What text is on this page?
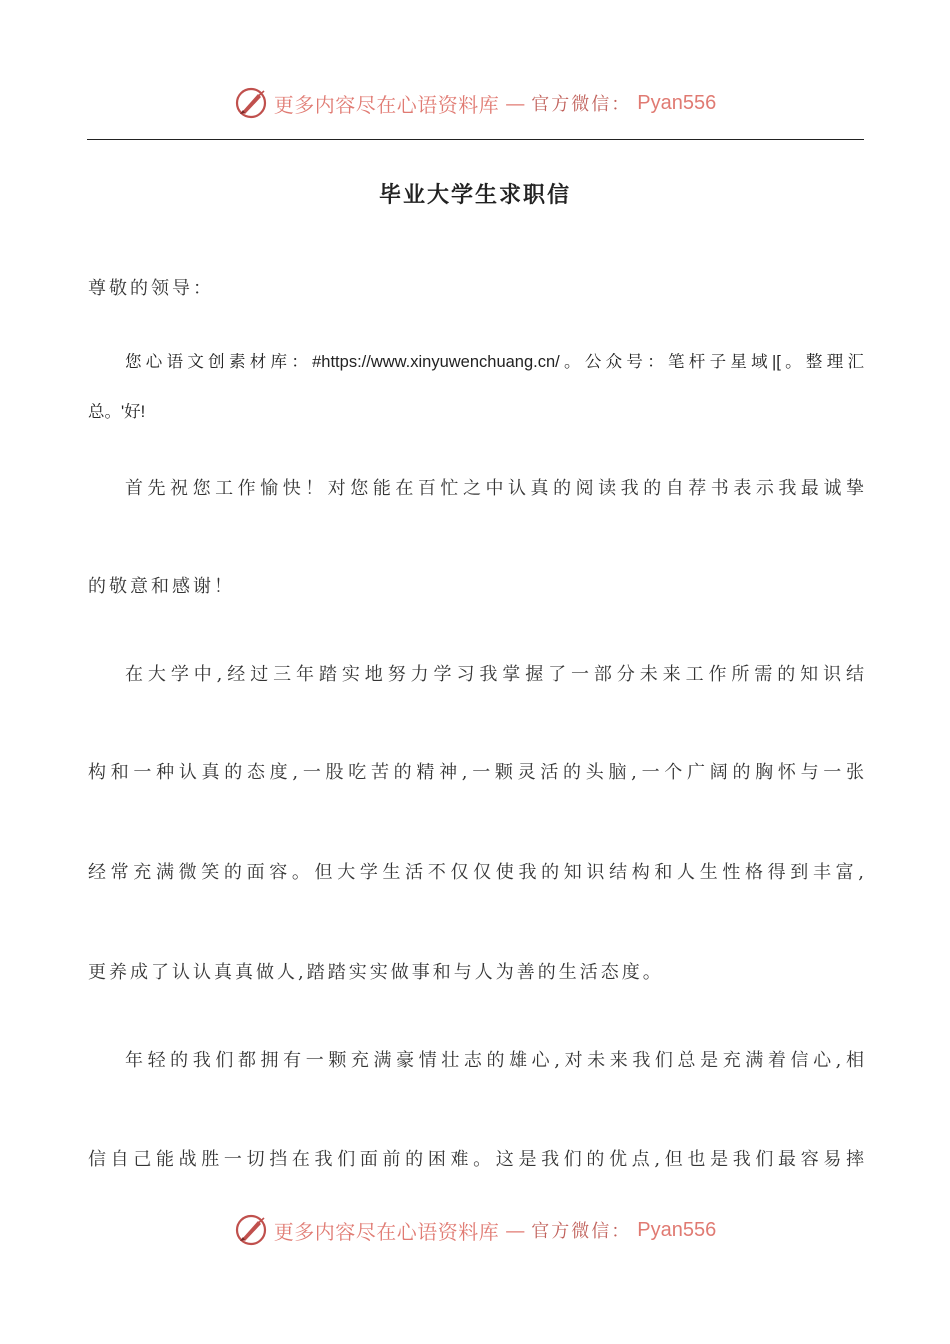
更多内容尽在心语资料库 — 官方微信： Pyan556
毕业大学生求职信
尊敬的领导：
您心语文创素材库：#https://www.xinyuwenchuang.cn/。公众号：笔杆子星域|[。整理汇
总。'好!
首先祝您工作愉快！对您能在百忙之中认真的阅读我的自荐书表示我最诚挚
的敬意和感谢！
在大学中,经过三年踏实地努力学习我掌握了一部分未来工作所需的知识结
构和一种认真的态度,一股吃苦的精神,一颗灵活的头脑,一个广阔的胸怀与一张
经常充满微笑的面容。但大学生活不仅仅使我的知识结构和人生性格得到丰富,
更养成了认认真真做人,踏踏实实做事和与人为善的生活态度。
年轻的我们都拥有一颗充满豪情壮志的雄心,对未来我们总是充满着信心,相
信自己能战胜一切挡在我们面前的困难。这是我们的优点,但也是我们最容易摔
更多内容尽在心语资料库 — 官方微信： Pyan556
